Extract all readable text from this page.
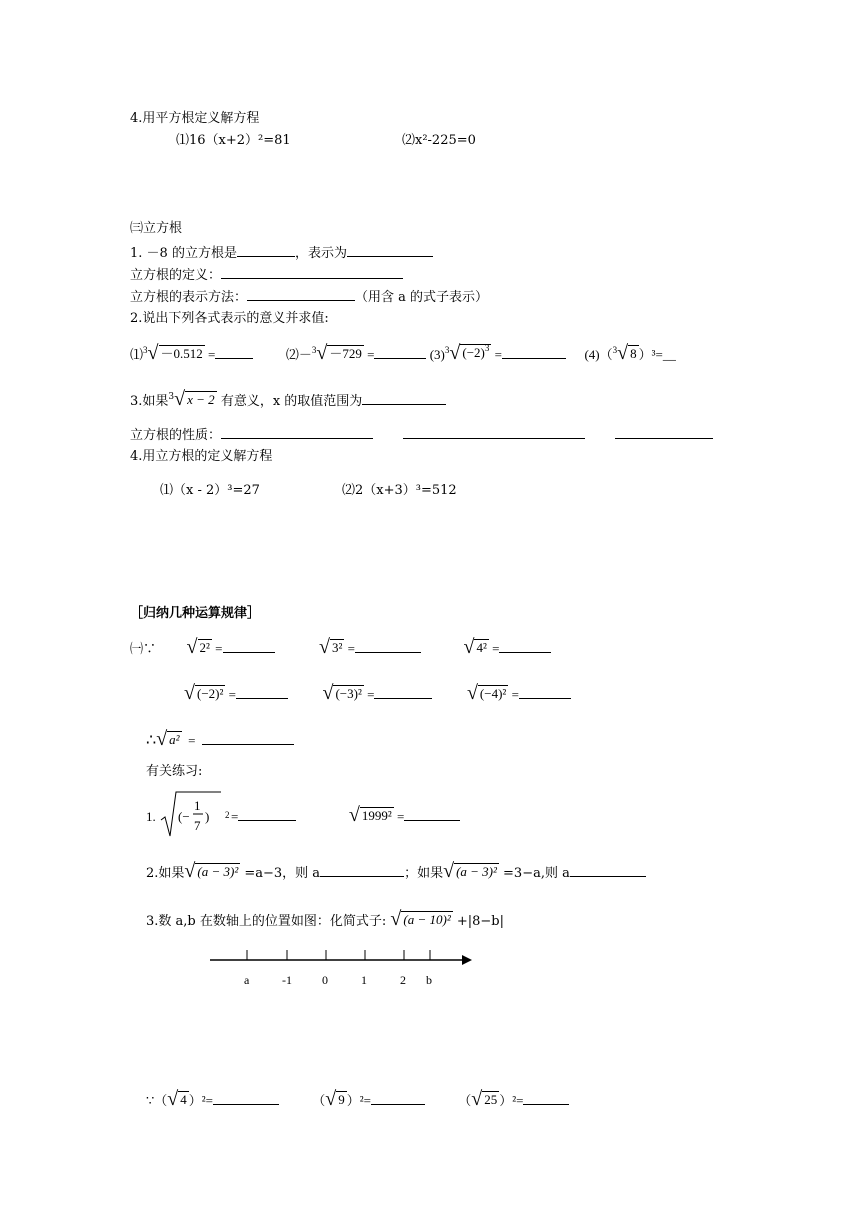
4.用平方根定义解方程
⑴16（x+2）²=81	⑵x²-225=0
㈢立方根
1. －8 的立方根是	，表示为
立方根的定义：
立方根的表示方法：	（用含 a 的式子表示）
2.说出下列各式表示的意义并求值:
⑴$^3$ √ －0.512 =	⑵－$^3$ √ －729 =	$(3)^3$ √ $(-2)^3$ =	(4)（$^3$ √ 8 ）³=__
3.如果$^3$ √ x − 2 有意义，x 的取值范围为
立方根的性质：
4.用立方根的定义解方程
⑴（x - 2）³=27	⑵2（x+3）³=512
［归纳几种运算规律］
㈠∵ √ 2² =	√ 3² =	√ 4² =
√ (−2)² =	√ (−3)² =	√ (−4)² =
∴ √ a² =
有关练习:
1. (−
1
7
) 2 =	√ 1999² =
2.如果 √ (a − 3)² =a−3，则 a	；如果 √ (a − 3)² =3−a,则 a
3.数 a,b 在数轴上的位置如图：化简式子: √ (a − 10)² +|8−b|
a	-1	0	1	2 b
∵（ √ 4 ）²=	（ √ 9 ）²=	（ √ 25 ）²=
